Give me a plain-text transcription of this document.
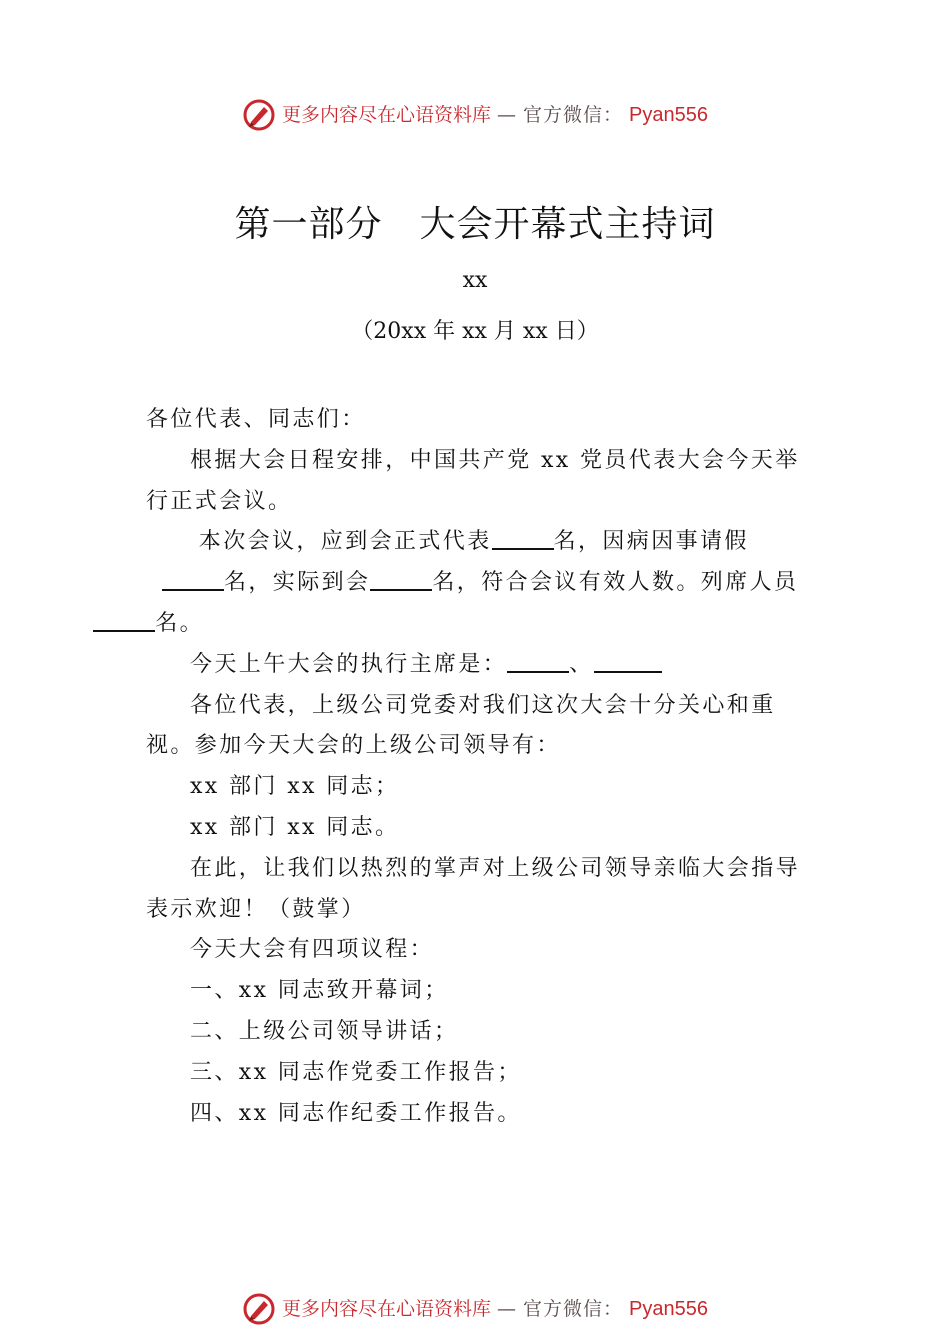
更多内容尽在心语资料库 — 官方微信： Pyan556
第一部分　大会开幕式主持词
xx
（20xx 年 xx 月 xx 日）

各位代表、同志们：

根据大会日程安排，中国共产党 xx 党员代表大会今天举行正式会议。

本次会议，应到会正式代表	名，因病因事请假
名，实际到会	名，符合会议有效人数。列席人员
名。

今天上午大会的执行主席是：	、

各位代表，上级公司党委对我们这次大会十分关心和重视。参加今天大会的上级公司领导有：

xx 部门 xx 同志；

xx 部门 xx 同志。

在此，让我们以热烈的掌声对上级公司领导亲临大会指导表示欢迎！（鼓掌）

今天大会有四项议程：

一、xx 同志致开幕词；

二、上级公司领导讲话；

三、xx 同志作党委工作报告；

四、xx 同志作纪委工作报告。

更多内容尽在心语资料库 — 官方微信： Pyan556
